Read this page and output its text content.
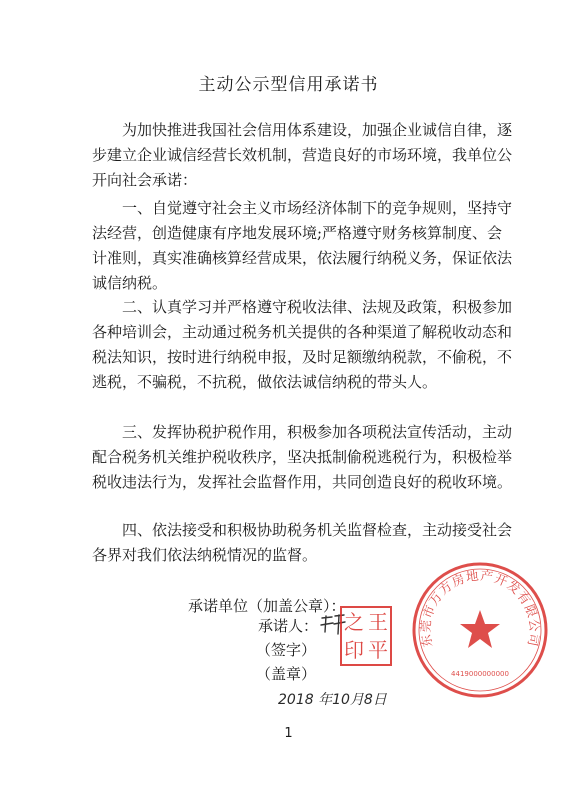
主动公示型信用承诺书

为加快推进我国社会信用体系建设，加强企业诚信自律，逐步建立企业诚信经营长效机制，营造良好的市场环境，我单位公开向社会承诺：

一、自觉遵守社会主义市场经济体制下的竞争规则，坚持守法经营，创造健康有序地发展环境;严格遵守财务核算制度、会计准则，真实准确核算经营成果，依法履行纳税义务，保证依法诚信纳税。

二、认真学习并严格遵守税收法律、法规及政策，积极参加各种培训会，主动通过税务机关提供的各种渠道了解税收动态和税法知识，按时进行纳税申报，及时足额缴纳税款，不偷税，不逃税，不骗税，不抗税，做依法诚信纳税的带头人。

三、发挥协税护税作用，积极参加各项税法宣传活动，主动配合税务机关维护税收秩序，坚决抵制偷税逃税行为，积极检举税收违法行为，发挥社会监督作用，共同创造良好的税收环境。

四、依法接受和积极协助税务机关监督检查，主动接受社会各界对我们依法纳税情况的监督。

承诺单位（加盖公章）：
承诺人：
（签字）
（盖章）
2018 年10月8日
之 王
印 平 东莞市万方房地产开发有限公司
4419000000000
1
